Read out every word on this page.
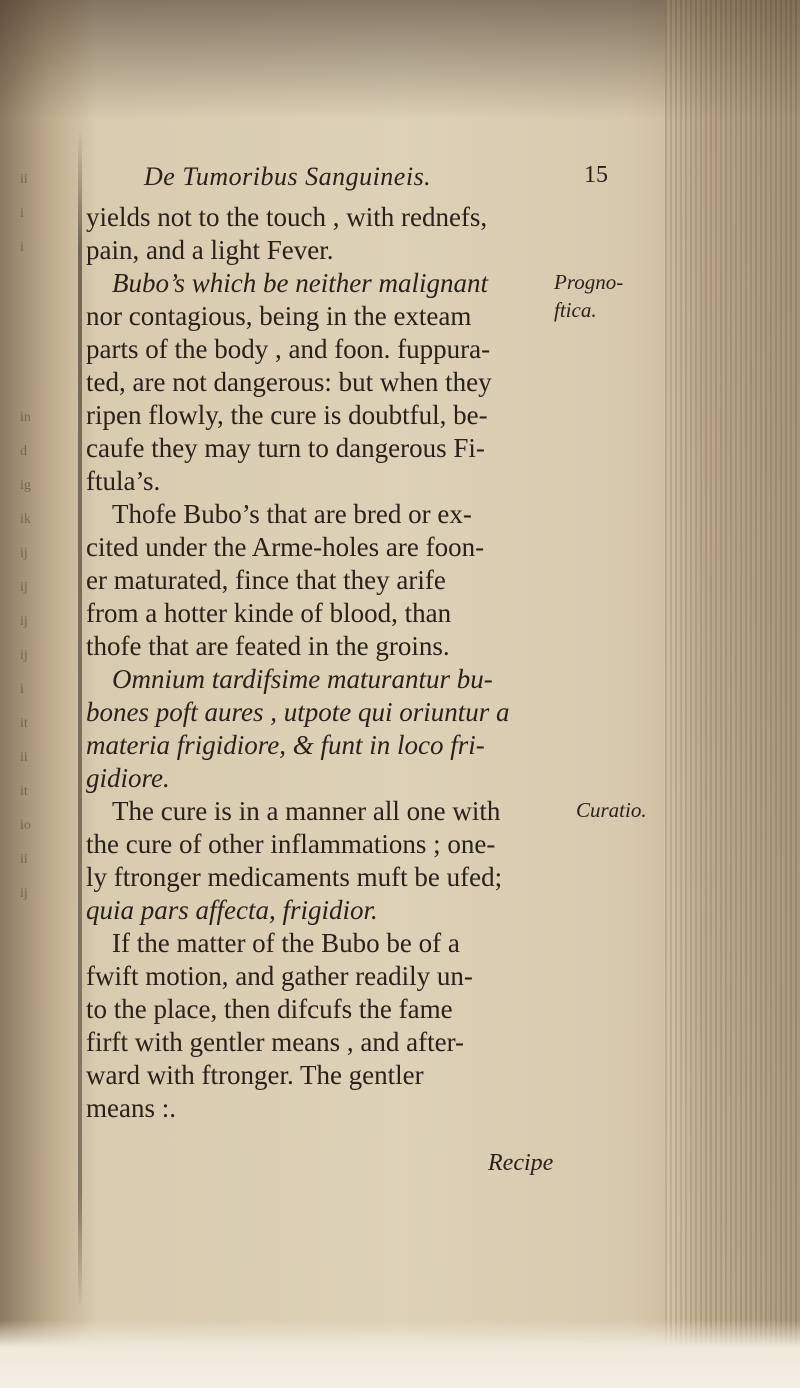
ii
i
i
in
d
ig
ik
ij
ij
ij
ij
i
it
ii
it
io
ii
ij
De Tumoribus Sanguineis.	15
yields not to the touch , with rednefs,
pain, and a light Fever.
Bubo’s which be neither malignant
nor contagious, being in the exteam
parts of the body , and foon. fuppura-
ted, are not dangerous: but when they
ripen flowly, the cure is doubtful, be-
caufe they may turn to dangerous Fi-
ftula’s.
Thofe Bubo’s that are bred or ex-
cited under the Arme-holes are foon-
er maturated, fince that they arife
from a hotter kinde of blood, than
thofe that are feated in the groins.
Omnium tardifsime maturantur bu-
bones poft aures , utpote qui oriuntur a
materia frigidiore, & funt in loco fri-
gidiore.
The cure is in a manner all one with
the cure of other inflammations ; one-
ly ftronger medicaments muft be ufed;
quia pars affecta, frigidior.
If the matter of the Bubo be of a
fwift motion, and gather readily un-
to the place, then difcufs the fame
firft with gentler means , and after-
ward with ftronger. The gentler
means :.
Progno-
ftica.
Curatio.
Recipe
